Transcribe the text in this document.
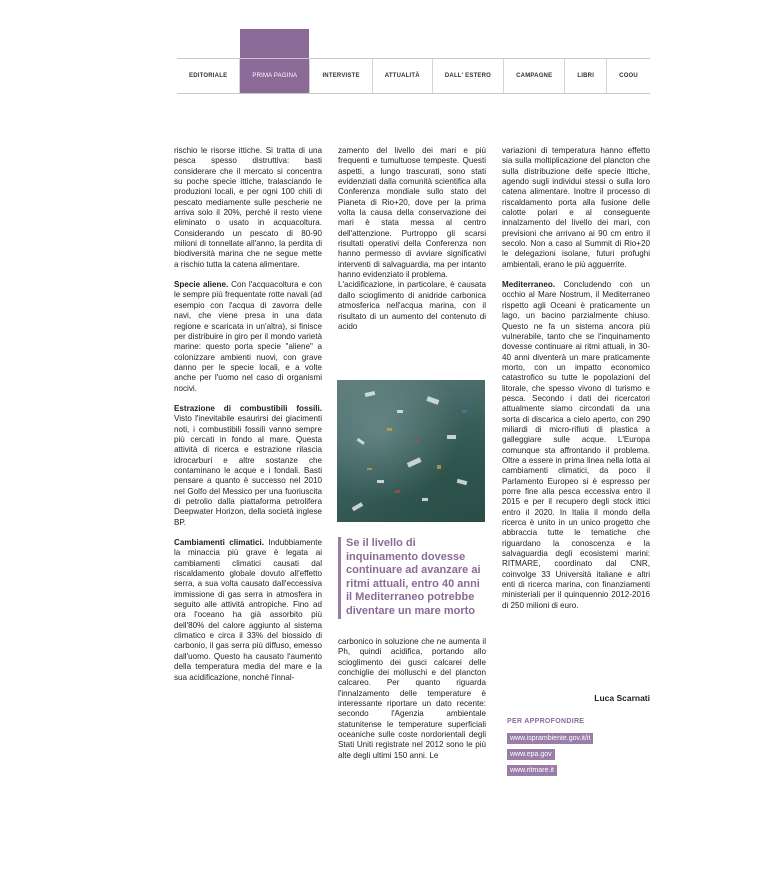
EDITORIALE	PRIMA PAGINA	INTERVISTE	ATTUALITÀ	DALL' ESTERO	CAMPAGNE	LIBRI	COOU

rischio le risorse ittiche. Si tratta di una pesca spesso distruttiva: basti considerare che il mercato si concentra su poche specie ittiche, tralasciando le produzioni locali, e per ogni 100 chili di pescato mediamente sulle pescherie ne arriva solo il 20%, perché il resto viene eliminato o usato in acquacoltura. Considerando un pescato di 80-90 milioni di tonnellate all'anno, la perdita di biodiversità marina che ne segue mette a rischio tutta la catena alimentare.

Specie aliene. Con l'acquacoltura e con le sempre più frequentate rotte navali (ad esempio con l'acqua di zavorra delle navi, che viene presa in una data regione e scaricata in un'altra), si finisce per distribuire in giro per il mondo varietà marine: questo porta specie "aliene" a colonizzare ambienti nuovi, con grave danno per le specie locali, e a volte anche per l'uomo nel caso di organismi nocivi.

Estrazione di combustibili fossili. Visto l'inevitabile esaurirsi dei giacimenti noti, i combustibili fossili vanno sempre più cercati in fondo al mare. Questa attività di ricerca e estrazione rilascia idrocarburi e altre sostanze che contaminano le acque e i fondali. Basti pensare a quanto è successo nel 2010 nel Golfo del Messico per una fuoriuscita di petrolio dalla piattaforma petrolifera Deepwater Horizon, della società inglese BP.

Cambiamenti climatici. Indubbiamente la minaccia più grave è legata ai cambiamenti climatici causati dal riscaldamento globale dovuto all'effetto serra, a sua volta causato dall'eccessiva immissione di gas serra in atmosfera in seguito alle attività antropiche. Fino ad ora l'oceano ha già assorbito più dell'80% del calore aggiunto al sistema climatico e circa il 33% del biossido di carbonio, il gas serra più diffuso, emesso dall'uomo. Questo ha causato l'aumento della temperatura media del mare e la sua acidificazione, nonché l'innal-

zamento del livello dei mari e più frequenti e tumultuose tempeste. Questi aspetti, a lungo trascurati, sono stati evidenziati dalla comunità scientifica alla Conferenza mondiale sullo stato del Pianeta di Rio+20, dove per la prima volta la causa della conservazione dei mari è stata messa al centro dell'attenzione. Purtroppo gli scarsi risultati operativi della Conferenza non hanno permesso di avviare significativi interventi di salvaguardia, ma per intanto hanno evidenziato il problema.

L'acidificazione, in particolare, è causata dallo scioglimento di anidride carbonica atmosferica nell'acqua marina, con il risultato di un aumento del contenuto di acido

Se il livello di inquinamento dovesse continuare ad avanzare ai ritmi attuali, entro 40 anni il Mediterraneo potrebbe diventare un mare morto

carbonico in soluzione che ne aumenta il Ph, quindi acidifica, portando allo scioglimento dei gusci calcarei delle conchiglie dei molluschi e del plancton calcareo. Per quanto riguarda l'innalzamento delle temperature è interessante riportare un dato recente: secondo l'Agenzia ambientale statunitense le temperature superficiali oceaniche sulle coste nordorientali degli Stati Uniti registrate nel 2012 sono le più alte degli ultimi 150 anni. Le

variazioni di temperatura hanno effetto sia sulla moltiplicazione del plancton che sulla distribuzione delle specie ittiche, agendo sugli individui stessi o sulla loro catena alimentare. Inoltre il processo di riscaldamento porta alla fusione delle calotte polari e al conseguente innalzamento del livello dei mari, con previsioni che arrivano ai 90 cm entro il secolo. Non a caso al Summit di Rio+20 le delegazioni isolane, futuri profughi ambientali, erano le più agguerrite.

Mediterraneo. Concludendo con un occhio al Mare Nostrum, il Mediterraneo rispetto agli Oceani è praticamente un lago, un bacino parzialmente chiuso. Questo ne fa un sistema ancora più vulnerabile, tanto che se l'inquinamento dovesse continuare ai ritmi attuali, in 30-40 anni diventerà un mare praticamente morto, con un impatto economico catastrofico su tutte le popolazioni del litorale, che spesso vivono di turismo e pesca. Secondo i dati dei ricercatori attualmente siamo circondati da una sorta di discarica a cielo aperto, con 290 miliardi di micro-rifiuti di plastica a galleggiare sulle acque. L'Europa comunque sta affrontando il problema. Oltre a essere in prima linea nella lotta ai cambiamenti climatici, da poco il Parlamento Europeo si è espresso per porre fine alla pesca eccessiva entro il 2015 e per il recupero degli stock ittici entro il 2020. In Italia il mondo della ricerca è unito in un unico progetto che abbraccia tutte le tematiche che riguardano la conoscenza e la salvaguardia degli ecosistemi marini: RITMARE, coordinato dal CNR, coinvolge 33 Università italiane e altri enti di ricerca marina, con finanziamenti ministeriali per il quinquennio 2012-2016 di 250 milioni di euro.

Luca Scarnati
PER APPROFONDIRE
www.isprambiente.gov.it/it
www.epa.gov
www.ritmare.it
